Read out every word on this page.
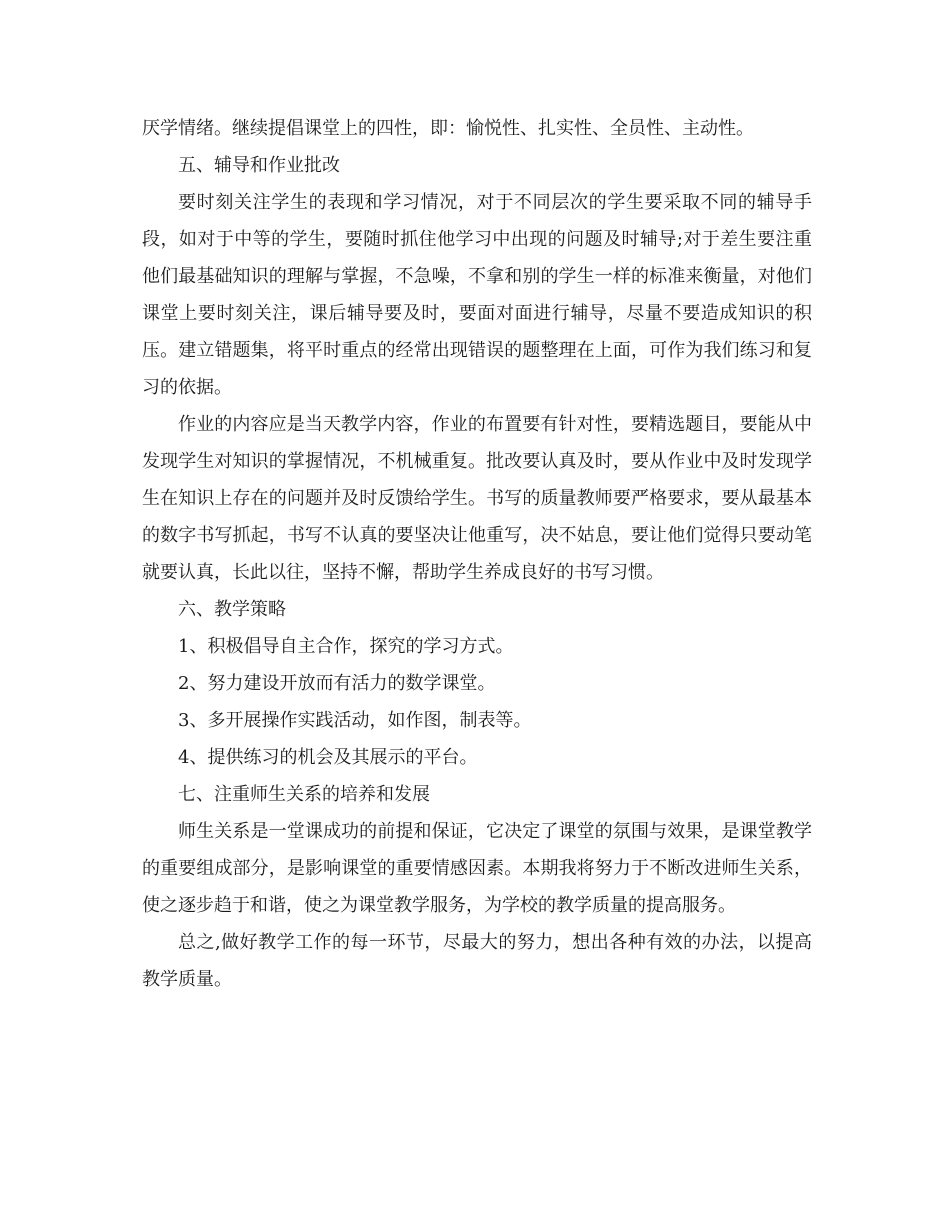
厌学情绪。继续提倡课堂上的四性，即：愉悦性、扎实性、全员性、主动性。

五、辅导和作业批改

要时刻关注学生的表现和学习情况，对于不同层次的学生要采取不同的辅导手段，如对于中等的学生，要随时抓住他学习中出现的问题及时辅导;对于差生要注重他们最基础知识的理解与掌握，不急噪，不拿和别的学生一样的标准来衡量，对他们课堂上要时刻关注，课后辅导要及时，要面对面进行辅导，尽量不要造成知识的积压。建立错题集，将平时重点的经常出现错误的题整理在上面，可作为我们练习和复习的依据。

作业的内容应是当天教学内容，作业的布置要有针对性，要精选题目，要能从中发现学生对知识的掌握情况，不机械重复。批改要认真及时，要从作业中及时发现学生在知识上存在的问题并及时反馈给学生。书写的质量教师要严格要求，要从最基本的数字书写抓起，书写不认真的要坚决让他重写，决不姑息，要让他们觉得只要动笔就要认真，长此以往，坚持不懈，帮助学生养成良好的书写习惯。

六、教学策略

1、积极倡导自主合作，探究的学习方式。

2、努力建设开放而有活力的数学课堂。

3、多开展操作实践活动，如作图，制表等。

4、提供练习的机会及其展示的平台。

七、注重师生关系的培养和发展

师生关系是一堂课成功的前提和保证，它决定了课堂的氛围与效果，是课堂教学的重要组成部分，是影响课堂的重要情感因素。本期我将努力于不断改进师生关系，使之逐步趋于和谐，使之为课堂教学服务，为学校的教学质量的提高服务。

总之,做好教学工作的每一环节，尽最大的努力，想出各种有效的办法，以提高教学质量。
